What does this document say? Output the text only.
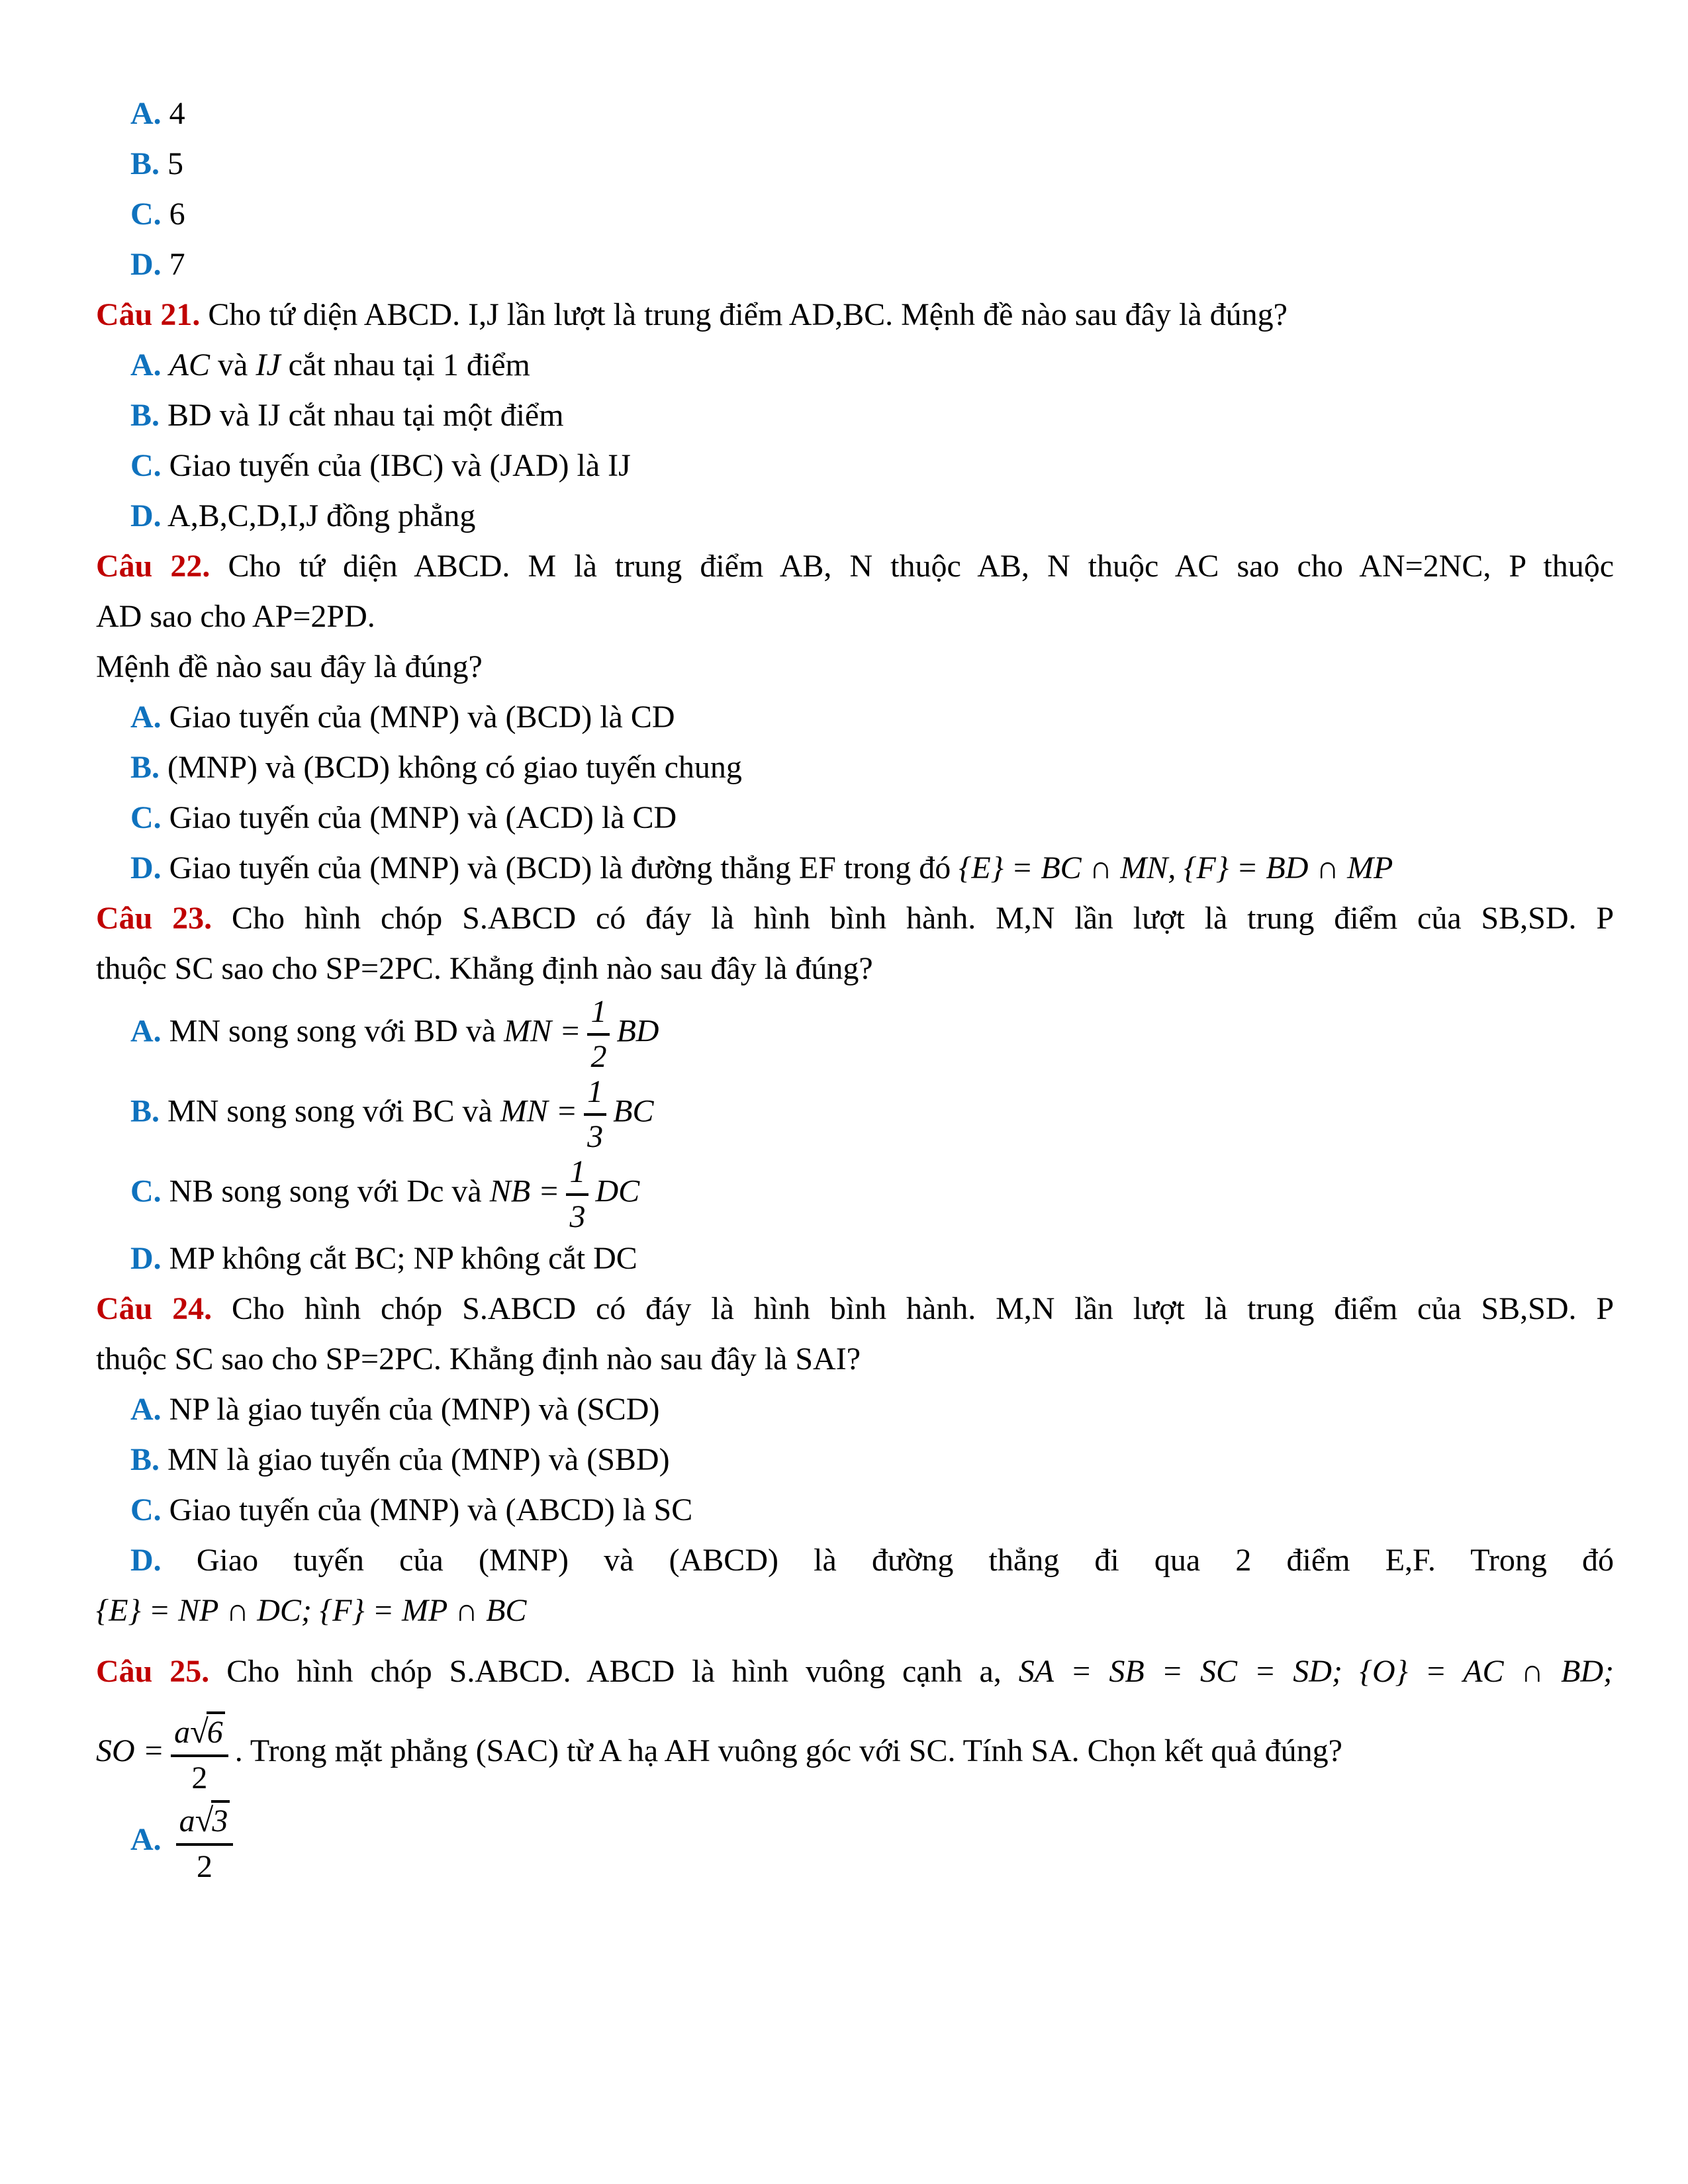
A. 4
B. 5
C. 6
D. 7
Câu 21. Cho tứ diện ABCD. I,J lần lượt là trung điểm AD,BC. Mệnh đề nào sau đây là đúng?
A. AC và IJ cắt nhau tại 1 điểm
B. BD và IJ cắt nhau tại một điểm
C. Giao tuyến của (IBC) và (JAD) là IJ
D. A,B,C,D,I,J đồng phẳng
Câu 22. Cho tứ diện ABCD. M là trung điểm AB, N thuộc AB, N thuộc AC sao cho AN=2NC, P thuộc
AD sao cho AP=2PD.
Mệnh đề nào sau đây là đúng?
A. Giao tuyến của (MNP) và (BCD) là CD
B. (MNP) và (BCD) không có giao tuyến chung
C. Giao tuyến của (MNP) và (ACD) là CD
D. Giao tuyến của (MNP) và (BCD) là đường thẳng EF trong đó {E} = BC ∩ MN, {F} = BD ∩ MP
Câu 23. Cho hình chóp S.ABCD có đáy là hình bình hành. M,N lần lượt là trung điểm của SB,SD. P
thuộc SC sao cho SP=2PC. Khẳng định nào sau đây là đúng?
A. MN song song với BD và MN = $\frac{1}{2}$ BD
B. MN song song với BC và MN = $\frac{1}{3}$ BC
C. NB song song với Dc và NB = $\frac{1}{3}$ DC
D. MP không cắt BC; NP không cắt DC
Câu 24. Cho hình chóp S.ABCD có đáy là hình bình hành. M,N lần lượt là trung điểm của SB,SD. P
thuộc SC sao cho SP=2PC. Khẳng định nào sau đây là SAI?
A. NP là giao tuyến của (MNP) và (SCD)
B. MN là giao tuyến của (MNP) và (SBD)
C. Giao tuyến của (MNP) và (ABCD) là SC
D. Giao tuyến của (MNP) và (ABCD) là đường thẳng đi qua 2 điểm E,F. Trong đó
{E} = NP ∩ DC; {F} = MP ∩ BC
Câu 25. Cho hình chóp S.ABCD. ABCD là hình vuông cạnh a, SA = SB = SC = SD; {O} = AC ∩ BD;
SO = $\frac{a√6}{2}$ . Trong mặt phẳng (SAC) từ A hạ AH vuông góc với SC. Tính SA. Chọn kết quả đúng?
A. $\frac{a√3}{2}$
